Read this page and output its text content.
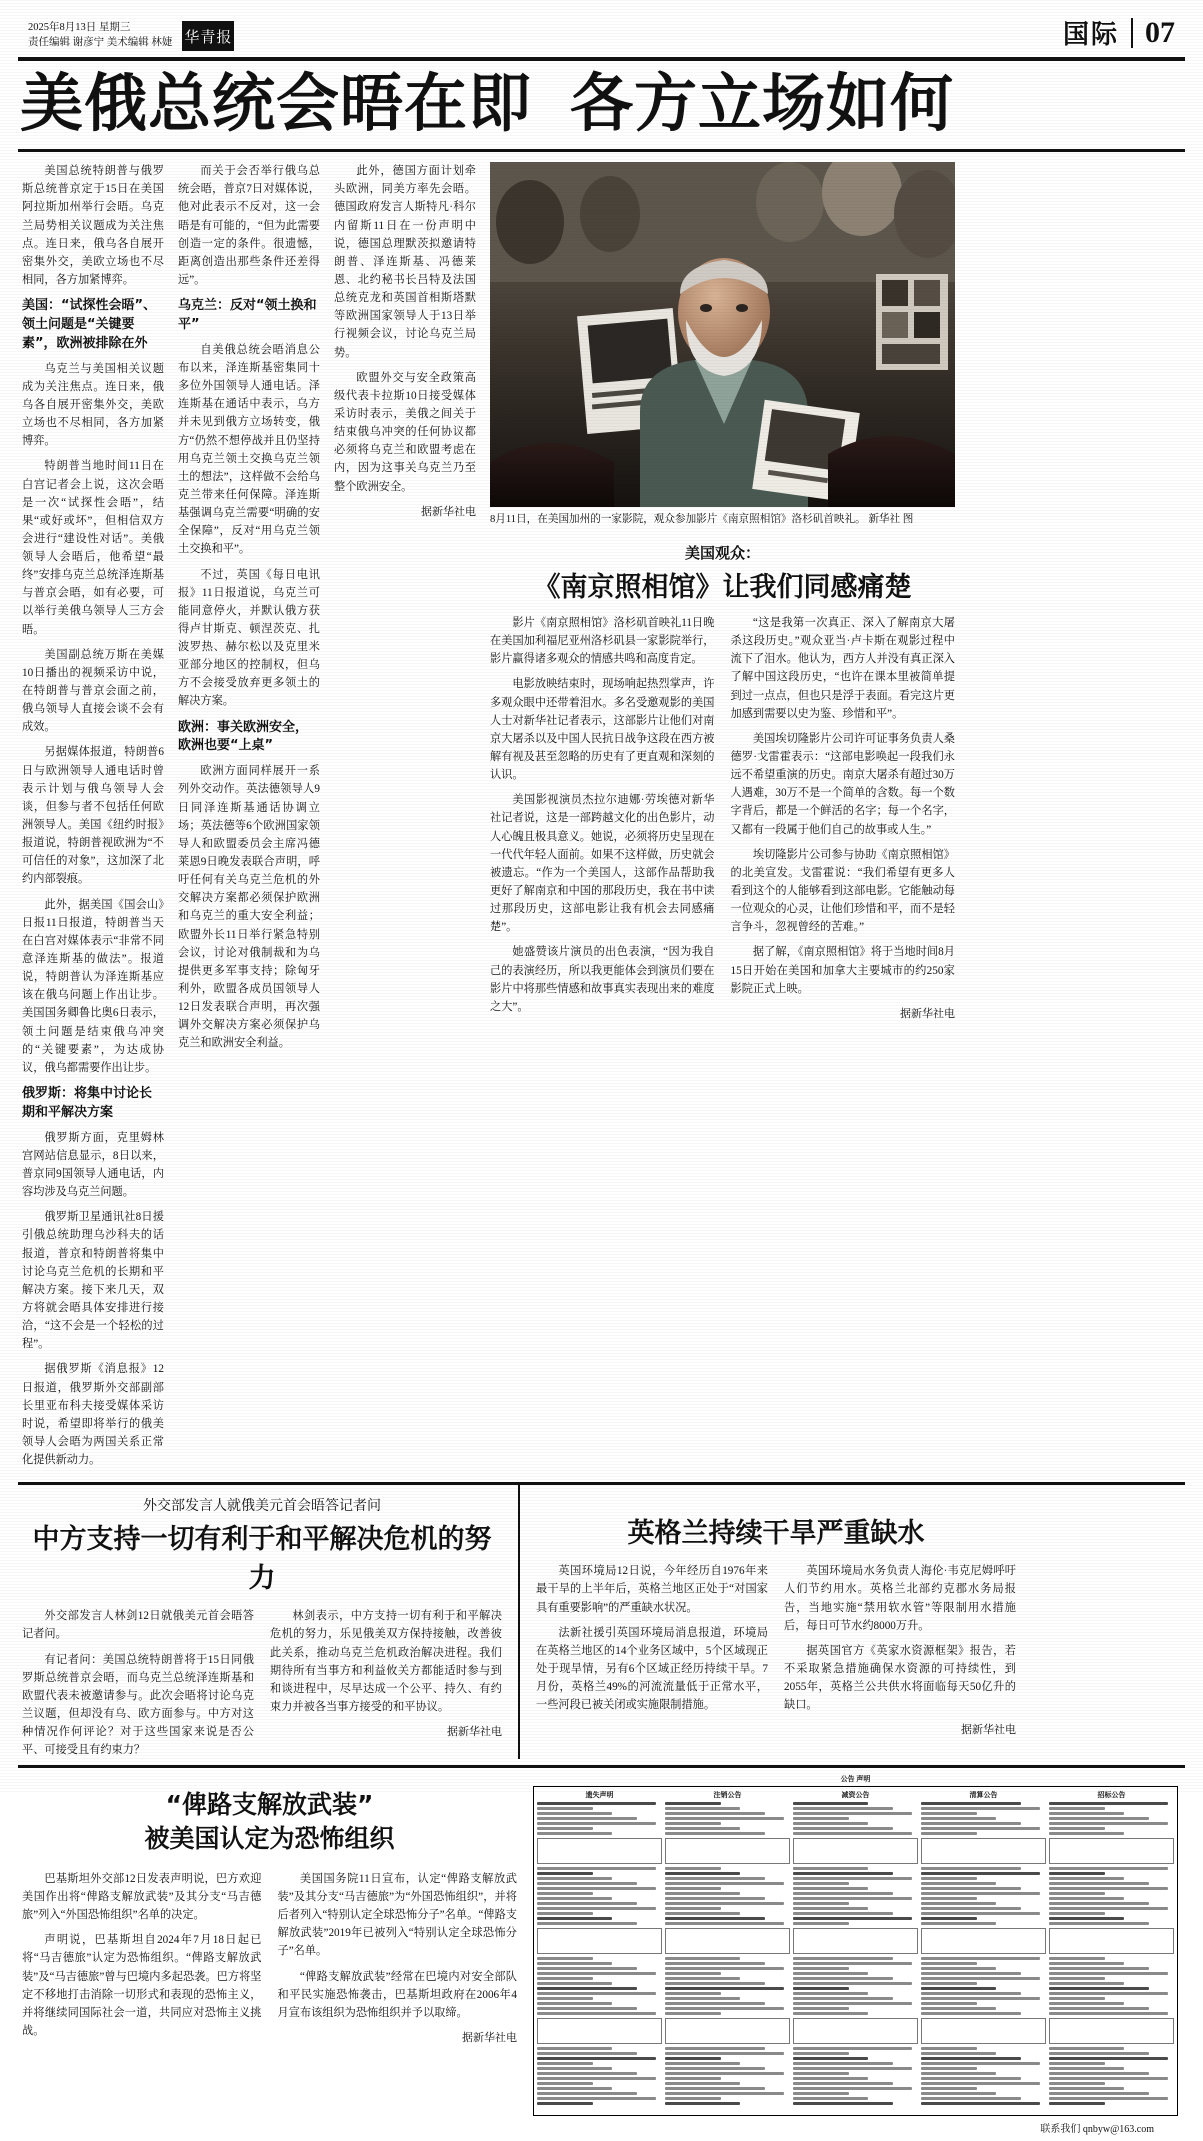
2025年8月13日 星期三
责任编辑 谢彦宁 美术编辑 林婕 华青报	国际 07
美俄总统会晤在即 各方立场如何

美国总统特朗普与俄罗斯总统普京定于15日在美国阿拉斯加州举行会晤。乌克兰局势相关议题成为关注焦点。连日来，俄乌各自展开密集外交，美欧立场也不尽相同，各方加紧博弈。

美国：“试探性会晤”、领土问题是“关键要素”，欧洲被排除在外

乌克兰与美国相关议题成为关注焦点。连日来，俄乌各自展开密集外交，美欧立场也不尽相同，各方加紧博弈。

特朗普当地时间11日在白宫记者会上说，这次会晤是一次“试探性会晤”，结果“或好或坏”，但相信双方会进行“建设性对话”。美俄领导人会晤后，他希望“最终”安排乌克兰总统泽连斯基与普京会晤，如有必要，可以举行美俄乌领导人三方会晤。

美国副总统万斯在美媒10日播出的视频采访中说，在特朗普与普京会面之前，俄乌领导人直接会谈不会有成效。

另据媒体报道，特朗普6日与欧洲领导人通电话时曾表示计划与俄乌领导人会谈，但参与者不包括任何欧洲领导人。美国《纽约时报》报道说，特朗普视欧洲为“不可信任的对象”，这加深了北约内部裂痕。

此外，据美国《国会山》日报11日报道，特朗普当天在白宫对媒体表示“非常不同意泽连斯基的做法”。报道说，特朗普认为泽连斯基应该在俄乌问题上作出让步。美国国务卿鲁比奥6日表示，领土问题是结束俄乌冲突的“关键要素”，为达成协议，俄乌都需要作出让步。

俄罗斯：将集中讨论长期和平解决方案

俄罗斯方面，克里姆林宫网站信息显示，8日以来，普京同9国领导人通电话，内容均涉及乌克兰问题。

俄罗斯卫星通讯社8日援引俄总统助理乌沙科夫的话报道，普京和特朗普将集中讨论乌克兰危机的长期和平解决方案。接下来几天，双方将就会晤具体安排进行接洽，“这不会是一个轻松的过程”。

据俄罗斯《消息报》12日报道，俄罗斯外交部副部长里亚布科夫接受媒体采访时说，希望即将举行的俄美领导人会晤为两国关系正常化提供新动力。

而关于会否举行俄乌总统会晤，普京7日对媒体说，他对此表示不反对，这一会晤是有可能的，“但为此需要创造一定的条件。很遗憾，距离创造出那些条件还差得远”。

乌克兰：反对“领土换和平”

自美俄总统会晤消息公布以来，泽连斯基密集同十多位外国领导人通电话。泽连斯基在通话中表示，乌方并未见到俄方立场转变，俄方“仍然不想停战并且仍坚持用乌克兰领土交换乌克兰领土的想法”，这样做不会给乌克兰带来任何保障。泽连斯基强调乌克兰需要“明确的安全保障”，反对“用乌克兰领土交换和平”。

不过，英国《每日电讯报》11日报道说，乌克兰可能同意停火，并默认俄方获得卢甘斯克、顿涅茨克、扎波罗热、赫尔松以及克里米亚部分地区的控制权，但乌方不会接受放弃更多领土的解决方案。

欧洲：事关欧洲安全，欧洲也要“上桌”

欧洲方面同样展开一系列外交动作。英法德领导人9日同泽连斯基通话协调立场；英法德等6个欧洲国家领导人和欧盟委员会主席冯德莱恩9日晚发表联合声明，呼吁任何有关乌克兰危机的外交解决方案都必须保护欧洲和乌克兰的重大安全利益；欧盟外长11日举行紧急特别会议，讨论对俄制裁和为乌提供更多军事支持；除匈牙利外，欧盟各成员国领导人12日发表联合声明，再次强调外交解决方案必须保护乌克兰和欧洲安全利益。

此外，德国方面计划牵头欧洲，同美方率先会晤。德国政府发言人斯特凡·科尔内留斯11日在一份声明中说，德国总理默茨拟邀请特朗普、泽连斯基、冯德莱恩、北约秘书长吕特及法国总统克龙和英国首相斯塔默等欧洲国家领导人于13日举行视频会议，讨论乌克兰局势。

欧盟外交与安全政策高级代表卡拉斯10日接受媒体采访时表示，美俄之间关于结束俄乌冲突的任何协议都必须将乌克兰和欧盟考虑在内，因为这事关乌克兰乃至整个欧洲安全。

据新华社电
8月11日，在美国加州的一家影院，观众参加影片《南京照相馆》洛杉矶首映礼。 新华社 图
美国观众：
《南京照相馆》让我们同感痛楚

影片《南京照相馆》洛杉矶首映礼11日晚在美国加利福尼亚州洛杉矶县一家影院举行，影片赢得诸多观众的情感共鸣和高度肯定。

电影放映结束时，现场响起热烈掌声，许多观众眼中还带着泪水。多名受邀观影的美国人士对新华社记者表示，这部影片让他们对南京大屠杀以及中国人民抗日战争这段在西方被解有视及甚至忽略的历史有了更直观和深刻的认识。

美国影视演员杰拉尔迪娜·劳埃德对新华社记者说，这是一部跨越文化的出色影片，动人心魄且极具意义。她说，必须将历史呈现在一代代年轻人面前。如果不这样做，历史就会被遗忘。“作为一个美国人，这部作品帮助我更好了解南京和中国的那段历史，我在书中读过那段历史，这部电影让我有机会去同感痛楚”。

她盛赞该片演员的出色表演，“因为我自己的表演经历，所以我更能体会到演员们要在影片中将那些情感和故事真实表现出来的难度之大”。

“这是我第一次真正、深入了解南京大屠杀这段历史。”观众亚当·卢卡斯在观影过程中流下了泪水。他认为，西方人并没有真正深入了解中国这段历史，“也许在课本里被简单提到过一点点，但也只是浮于表面。看完这片更加感到需要以史为鉴、珍惜和平”。

美国埃切隆影片公司许可证事务负责人桑德罗·戈雷霍表示：“这部电影唤起一段我们永远不希望重演的历史。南京大屠杀有超过30万人遇难，30万不是一个简单的含数。每一个数字背后，都是一个鲜活的名字；每一个名字，又都有一段属于他们自己的故事或人生。”

埃切隆影片公司参与协助《南京照相馆》的北美宣发。戈雷霍说：“我们希望有更多人看到这个的人能够看到这部电影。它能触动每一位观众的心灵，让他们珍惜和平，而不是轻言争斗，忽视曾经的苦难。”

据了解，《南京照相馆》将于当地时间8月15日开始在美国和加拿大主要城市的约250家影院正式上映。

据新华社电
外交部发言人就俄美元首会晤答记者问
中方支持一切有利于和平解决危机的努力

外交部发言人林剑12日就俄美元首会晤答记者问。

有记者问：美国总统特朗普将于15日同俄罗斯总统普京会晤，而乌克兰总统泽连斯基和欧盟代表未被邀请参与。此次会晤将讨论乌克兰议题，但却没有乌、欧方面参与。中方对这种情况作何评论？对于这些国家来说是否公平、可接受且有约束力？

林剑表示，中方支持一切有利于和平解决危机的努力，乐见俄美双方保持接触，改善彼此关系，推动乌克兰危机政治解决进程。我们期待所有当事方和利益攸关方都能适时参与到和谈进程中，尽早达成一个公平、持久、有约束力并被各当事方接受的和平协议。

据新华社电
英格兰持续干旱严重缺水

英国环境局12日说，今年经历自1976年来最干旱的上半年后，英格兰地区正处于“对国家具有重要影响”的严重缺水状况。

法新社援引英国环境局消息报道，环境局在英格兰地区的14个业务区域中，5个区域现正处于现旱情，另有6个区域正经历持续干旱。7月份，英格兰49%的河流流量低于正常水平，一些河段已被关闭或实施限制措施。

英国环境局水务负责人海伦·韦克尼姆呼吁人们节约用水。英格兰北部约克郡水务局报告，当地实施“禁用软水管”等限制用水措施后，每日可节水约8000万升。

据英国官方《英家水资源框架》报告，若不采取紧急措施确保水资源的可持续性，到2055年，英格兰公共供水将面临每天50亿升的缺口。

据新华社电
“俾路支解放武装”
被美国认定为恐怖组织

巴基斯坦外交部12日发表声明说，巴方欢迎美国作出将“俾路支解放武装”及其分支“马吉德旅”列入“外国恐怖组织”名单的决定。

声明说，巴基斯坦自2024年7月18日起已将“马吉德旅”认定为恐怖组织。“俾路支解放武装”及“马吉德旅”曾与巴境内多起恐袭。巴方将坚定不移地打击消除一切形式和表现的恐怖主义，并将继续同国际社会一道，共同应对恐怖主义挑战。

美国国务院11日宣布，认定“俾路支解放武装”及其分支“马吉德旅”为“外国恐怖组织”，并将后者列入“特别认定全球恐怖分子”名单。“俾路支解放武装”2019年已被列入“特别认定全球恐怖分子”名单。

“俾路支解放武装”经常在巴境内对安全部队和平民实施恐怖袭击，巴基斯坦政府在2006年4月宣布该组织为恐怖组织并予以取缔。

据新华社电
公告 声明
遗失声明	注销公告	减资公告	清算公告	招标公告
联系我们 qnbyw@163.com
